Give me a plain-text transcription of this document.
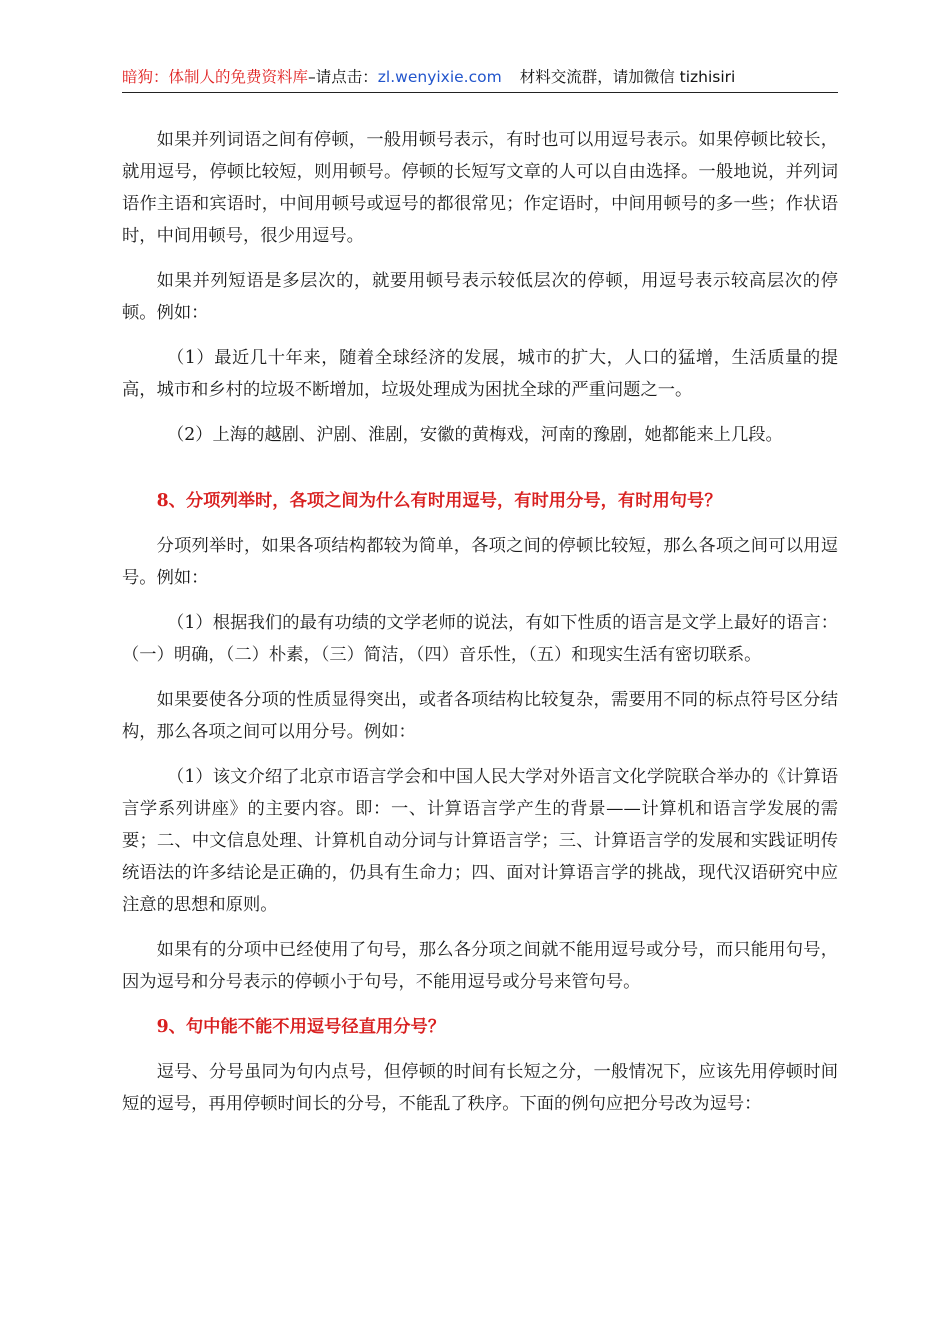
暗狗：体制人的免费资料库–请点击：zl.wenyixie.com 材料交流群，请加微信 tizhisiri

如果并列词语之间有停顿，一般用顿号表示，有时也可以用逗号表示。如果停顿比较长，就用逗号，停顿比较短，则用顿号。停顿的长短写文章的人可以自由选择。一般地说，并列词语作主语和宾语时，中间用顿号或逗号的都很常见；作定语时，中间用顿号的多一些；作状语时，中间用顿号，很少用逗号。

如果并列短语是多层次的，就要用顿号表示较低层次的停顿，用逗号表示较高层次的停顿。例如：

（1）最近几十年来，随着全球经济的发展，城市的扩大，人口的猛增，生活质量的提高，城市和乡村的垃圾不断增加，垃圾处理成为困扰全球的严重问题之一。

（2）上海的越剧、沪剧、淮剧，安徽的黄梅戏，河南的豫剧，她都能来上几段。

8、分项列举时，各项之间为什么有时用逗号，有时用分号，有时用句号？

分项列举时，如果各项结构都较为简单，各项之间的停顿比较短，那么各项之间可以用逗号。例如：

（1）根据我们的最有功绩的文学老师的说法，有如下性质的语言是文学上最好的语言：（一）明确，（二）朴素，（三）简洁，（四）音乐性，（五）和现实生活有密切联系。

如果要使各分项的性质显得突出，或者各项结构比较复杂，需要用不同的标点符号区分结构，那么各项之间可以用分号。例如：

（1）该文介绍了北京市语言学会和中国人民大学对外语言文化学院联合举办的《计算语言学系列讲座》的主要内容。即：一、计算语言学产生的背景——计算机和语言学发展的需要；二、中文信息处理、计算机自动分词与计算语言学；三、计算语言学的发展和实践证明传统语法的许多结论是正确的，仍具有生命力；四、面对计算语言学的挑战，现代汉语研究中应注意的思想和原则。

如果有的分项中已经使用了句号，那么各分项之间就不能用逗号或分号，而只能用句号，因为逗号和分号表示的停顿小于句号，不能用逗号或分号来管句号。

9、句中能不能不用逗号径直用分号？

逗号、分号虽同为句内点号，但停顿的时间有长短之分，一般情况下，应该先用停顿时间短的逗号，再用停顿时间长的分号，不能乱了秩序。下面的例句应把分号改为逗号：
